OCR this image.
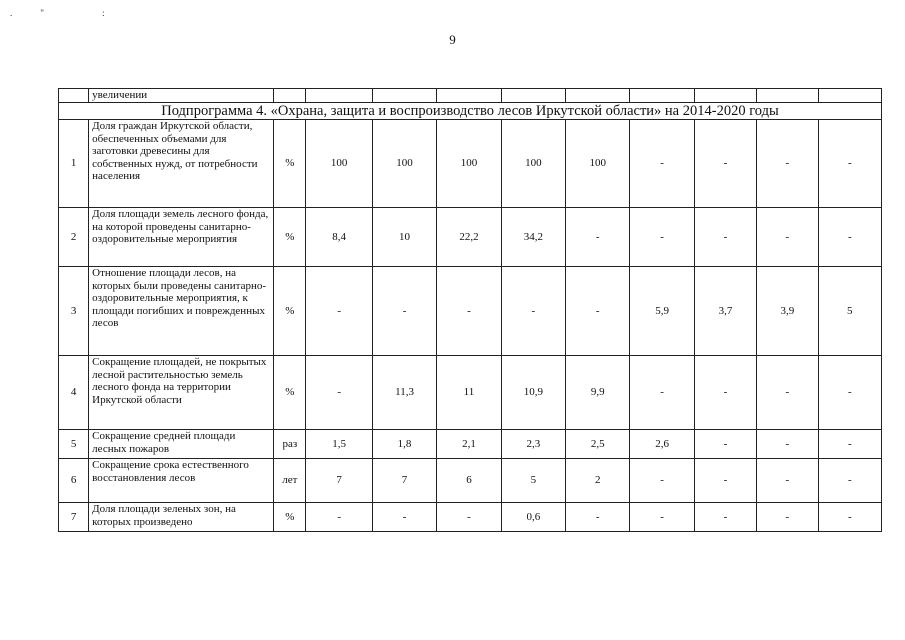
." :
9
	увеличении										
Подпрограмма 4. «Охрана, защита и воспроизводство лесов Иркутской области» на 2014-2020 годы											
1	Доля граждан Иркутской области, обеспеченных объемами для заготовки древесины для собственных нужд, от потребности населения	%	100	100	100	100	100	-	-	-	-
2	Доля площади земель лесного фонда, на которой проведены санитарно-оздоровительные мероприятия	%	8,4	10	22,2	34,2	-	-	-	-	-
3	Отношение площади лесов, на которых были проведены санитарно-оздоровительные мероприятия, к площади погибших и поврежденных лесов	%	-	-	-	-	-	5,9	3,7	3,9	5
4	Сокращение площадей, не покрытых лесной растительностью земель лесного фонда на территории Иркутской области	%	-	11,3	11	10,9	9,9	-	-	-	-
5	Сокращение средней площади лесных пожаров	раз	1,5	1,8	2,1	2,3	2,5	2,6	-	-	-
6	Сокращение срока естественного восстановления лесов	лет	7	7	6	5	2	-	-	-	-
7	Доля площади зеленых зон, на которых произведено	%	-	-	-	0,6	-	-	-	-	-
